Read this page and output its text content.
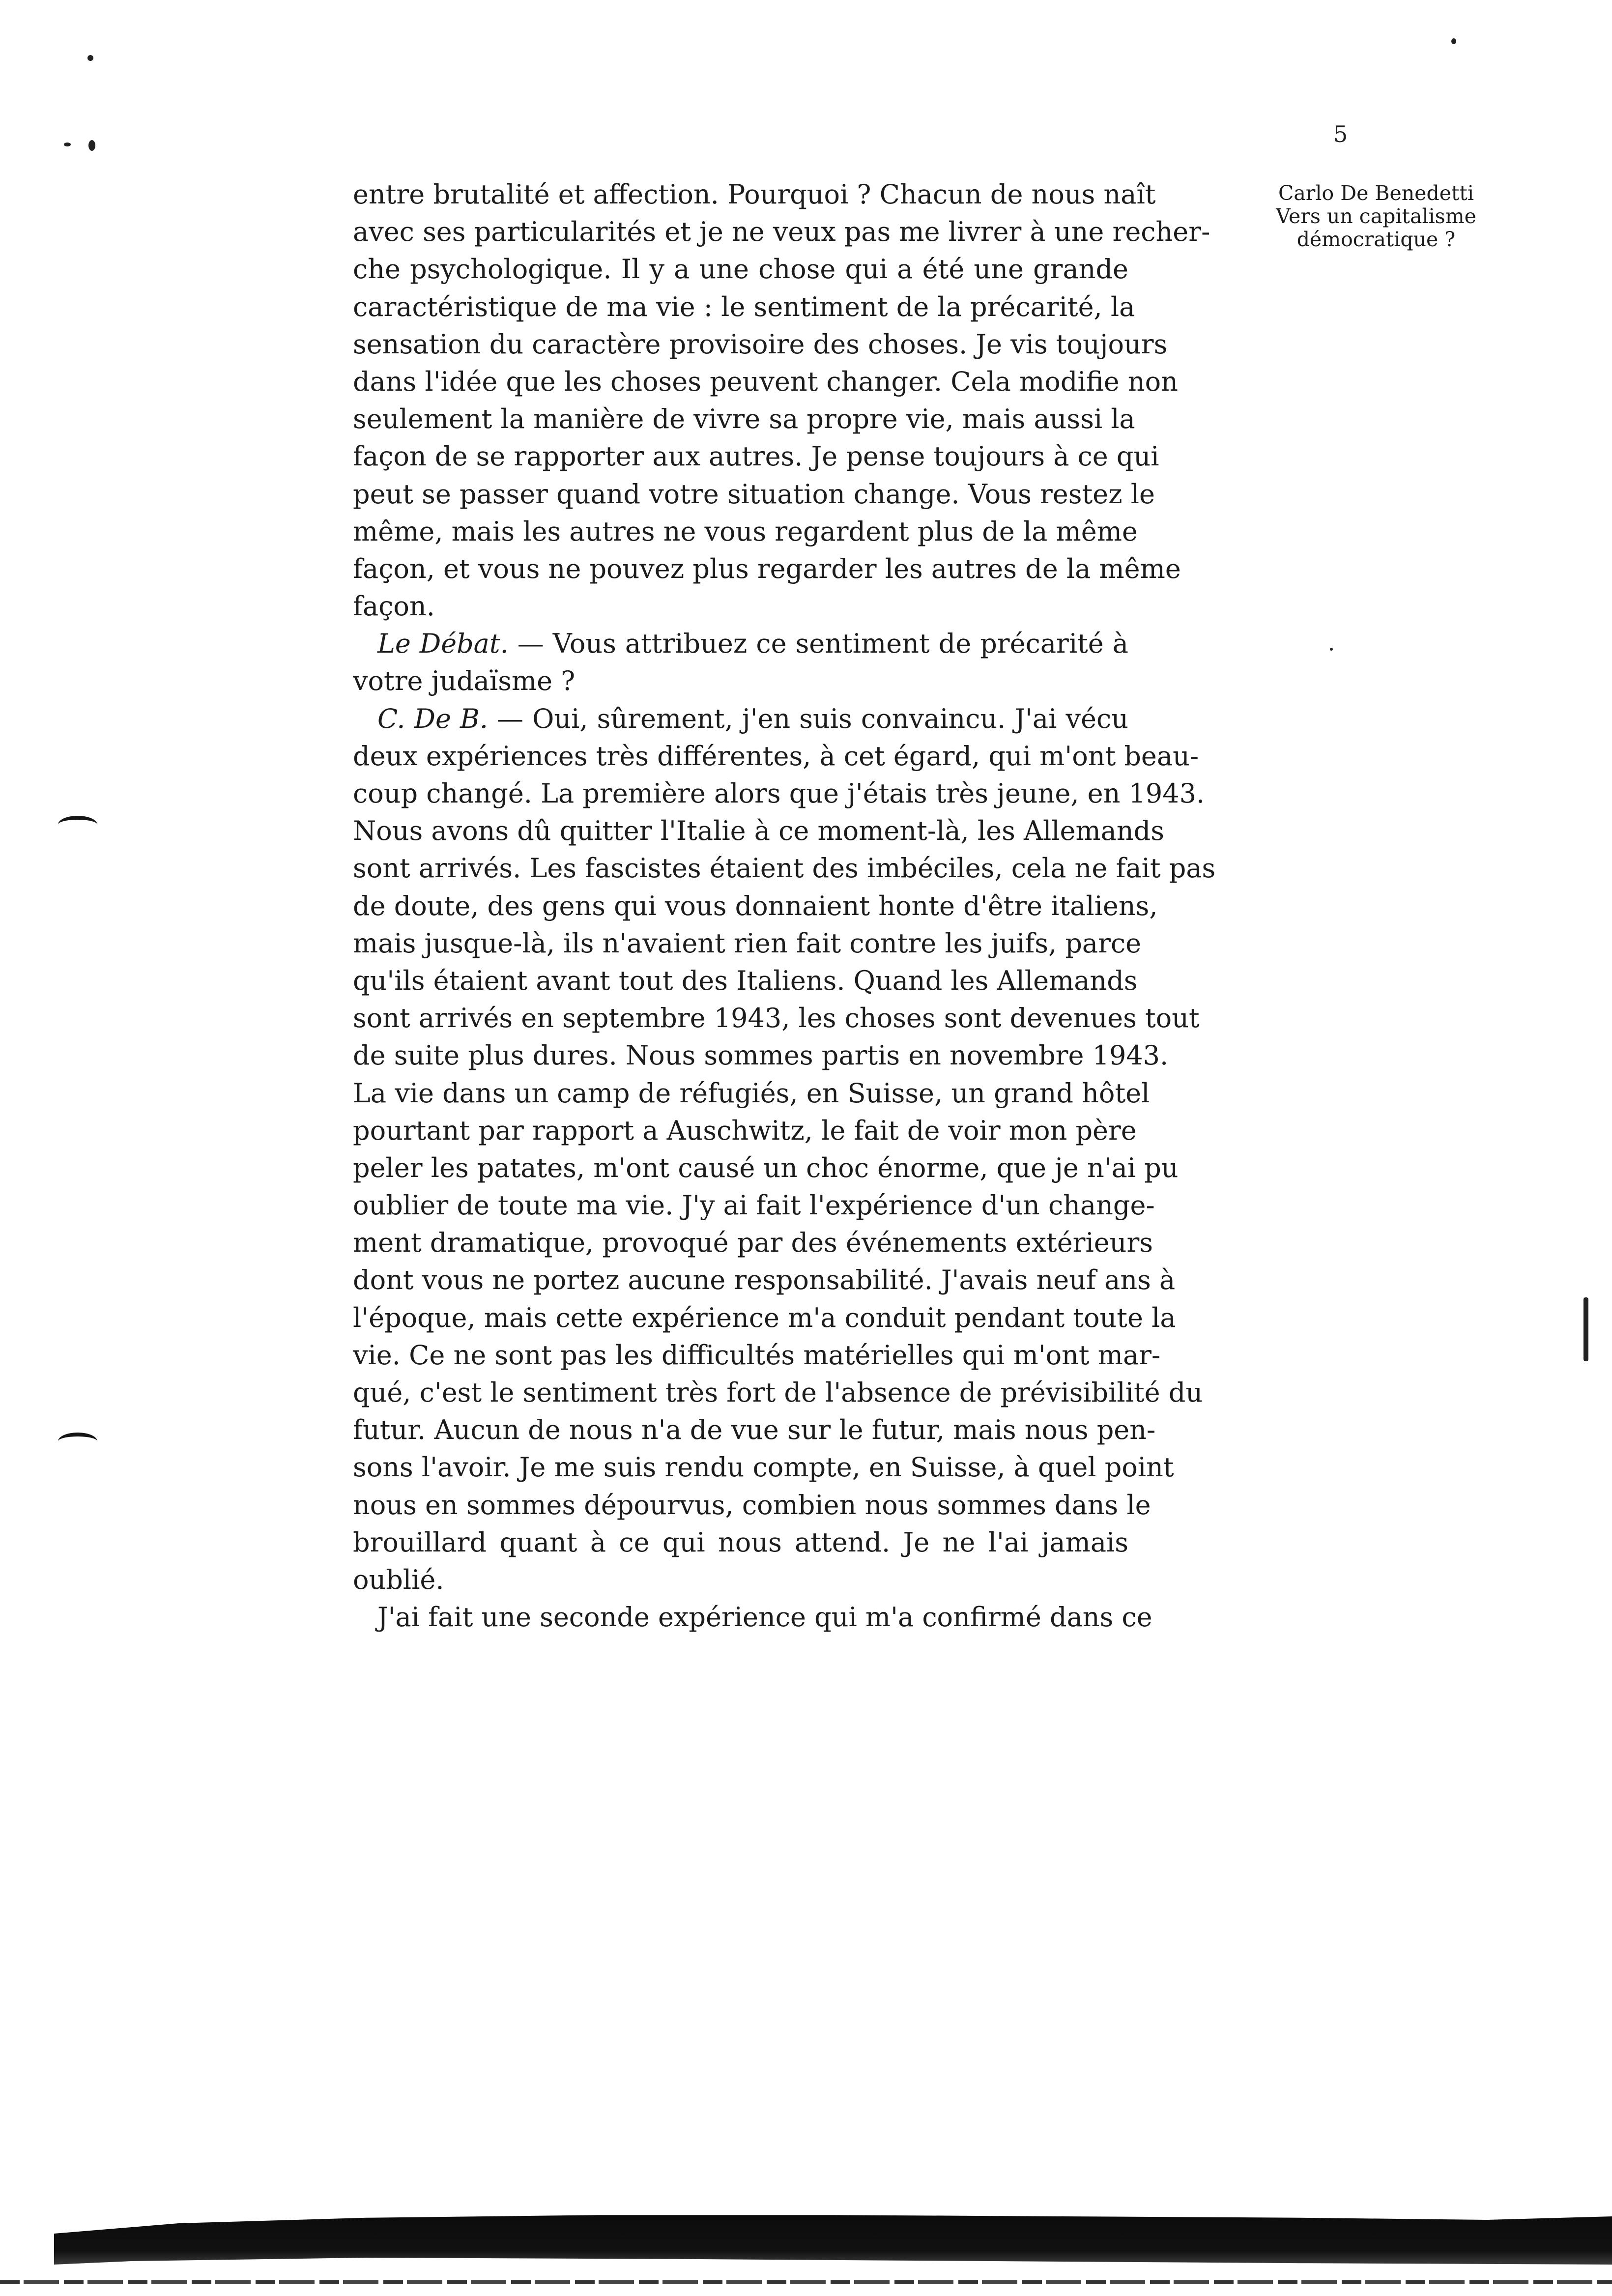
5
Carlo De Benedetti
Vers un capitalisme
démocratique ?
entre brutalité et affection. Pourquoi ? Chacun de nous naît
avec ses particularités et je ne veux pas me livrer à une recher-
che psychologique. Il y a une chose qui a été une grande
caractéristique de ma vie : le sentiment de la précarité, la
sensation du caractère provisoire des choses. Je vis toujours
dans l'idée que les choses peuvent changer. Cela modifie non
seulement la manière de vivre sa propre vie, mais aussi la
façon de se rapporter aux autres. Je pense toujours à ce qui
peut se passer quand votre situation change. Vous restez le
même, mais les autres ne vous regardent plus de la même
façon, et vous ne pouvez plus regarder les autres de la même
façon.
Le Débat. — Vous attribuez ce sentiment de précarité à
votre judaïsme ?
C. De B. — Oui, sûrement, j'en suis convaincu. J'ai vécu
deux expériences très différentes, à cet égard, qui m'ont beau-
coup changé. La première alors que j'étais très jeune, en 1943.
Nous avons dû quitter l'Italie à ce moment-là, les Allemands
sont arrivés. Les fascistes étaient des imbéciles, cela ne fait pas
de doute, des gens qui vous donnaient honte d'être italiens,
mais jusque-là, ils n'avaient rien fait contre les juifs, parce
qu'ils étaient avant tout des Italiens. Quand les Allemands
sont arrivés en septembre 1943, les choses sont devenues tout
de suite plus dures. Nous sommes partis en novembre 1943.
La vie dans un camp de réfugiés, en Suisse, un grand hôtel
pourtant par rapport a Auschwitz, le fait de voir mon père
peler les patates, m'ont causé un choc énorme, que je n'ai pu
oublier de toute ma vie. J'y ai fait l'expérience d'un change-
ment dramatique, provoqué par des événements extérieurs
dont vous ne portez aucune responsabilité. J'avais neuf ans à
l'époque, mais cette expérience m'a conduit pendant toute la
vie. Ce ne sont pas les difficultés matérielles qui m'ont mar-
qué, c'est le sentiment très fort de l'absence de prévisibilité du
futur. Aucun de nous n'a de vue sur le futur, mais nous pen-
sons l'avoir. Je me suis rendu compte, en Suisse, à quel point
nous en sommes dépourvus, combien nous sommes dans le
brouillard quant à ce qui nous attend. Je ne l'ai jamais
oublié.
J'ai fait une seconde expérience qui m'a confirmé dans ce
